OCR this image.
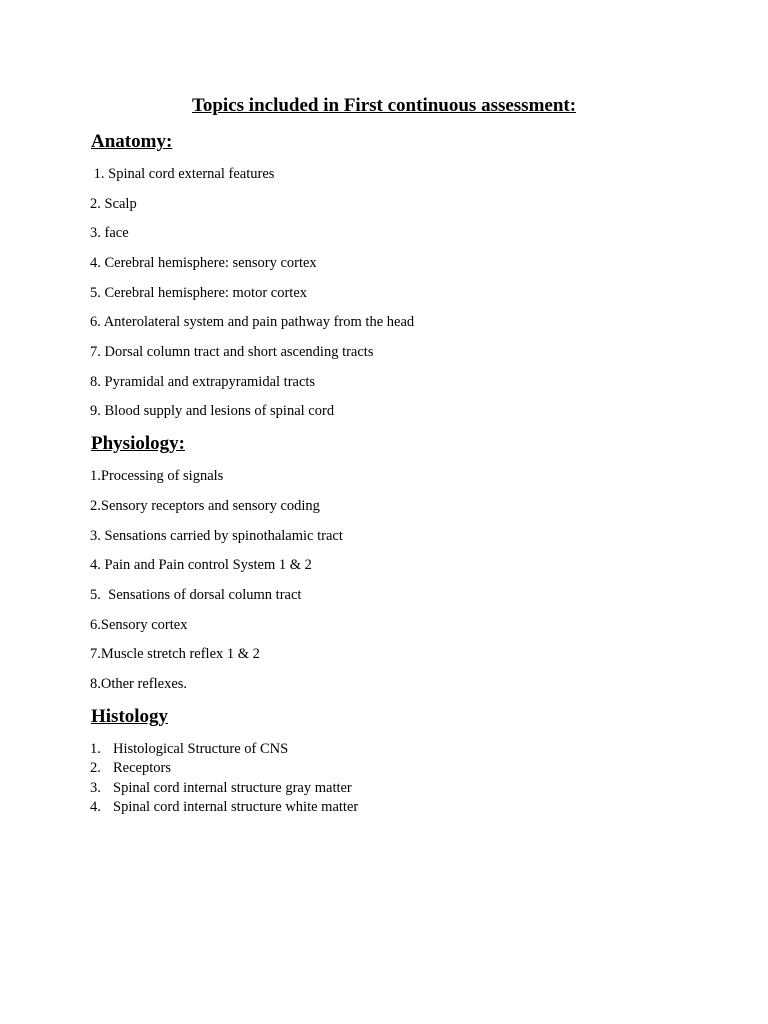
Topics included in First continuous assessment:
Anatomy:
1. Spinal cord external features
2. Scalp
3. face
4. Cerebral hemisphere: sensory cortex
5. Cerebral hemisphere: motor cortex
6. Anterolateral system and pain pathway from the head
7. Dorsal column tract and short ascending tracts
8. Pyramidal and extrapyramidal tracts
9. Blood supply and lesions of spinal cord
Physiology:
1.Processing of signals
2.Sensory receptors and sensory coding
3. Sensations carried by spinothalamic tract
4. Pain and Pain control System 1 & 2
5.  Sensations of dorsal column tract
6.Sensory cortex
7.Muscle stretch reflex 1 & 2
8.Other reflexes.
Histology
1. Histological Structure of CNS
2. Receptors
3. Spinal cord internal structure gray matter
4. Spinal cord internal structure white matter
